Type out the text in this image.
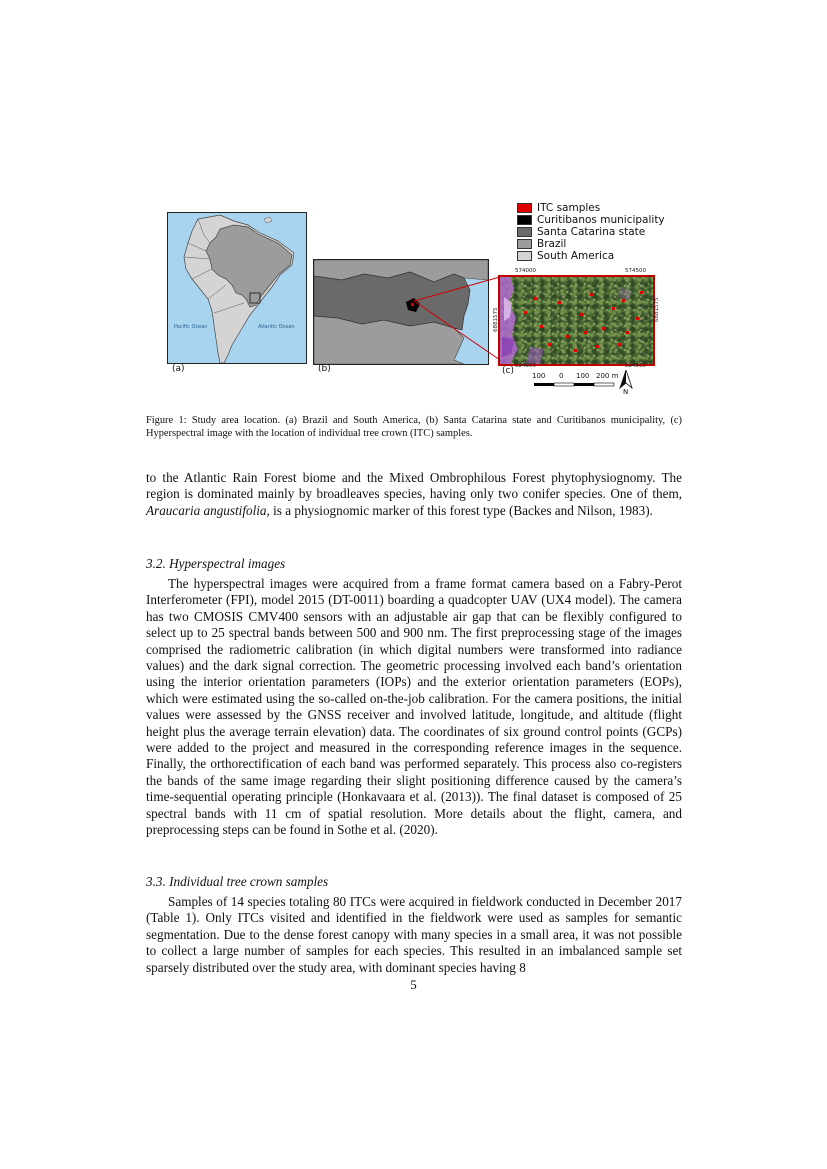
ITC samples
Curitibanos municipality
Santa Catarina state
Brazil
South America
Pacific Ocean	Atlantic Ocean
(a)	(b)
574000	574500
524000	524500
6881575	6881575
(c)	100 0 100 200 m
N
Figure 1: Study area location. (a) Brazil and South America, (b) Santa Catarina state and Curitibanos municipality, (c) Hyperspectral image with the location of individual tree crown (ITC) samples.

to the Atlantic Rain Forest biome and the Mixed Ombrophilous Forest phytophysiognomy. The region is dominated mainly by broadleaves species, having only two conifer species. One of them, Araucaria angustifolia, is a physiognomic marker of this forest type (Backes and Nilson, 1983).

3.2. Hyperspectral images

The hyperspectral images were acquired from a frame format camera based on a Fabry-Perot Interferometer (FPI), model 2015 (DT-0011) boarding a quadcopter UAV (UX4 model). The camera has two CMOSIS CMV400 sensors with an adjustable air gap that can be flexibly configured to select up to 25 spectral bands between 500 and 900 nm. The first preprocessing stage of the images comprised the radiometric calibration (in which digital numbers were transformed into radiance values) and the dark signal correction. The geometric processing involved each band’s orientation using the interior orientation parameters (IOPs) and the exterior orientation parameters (EOPs), which were estimated using the so-called on-the-job calibration. For the camera positions, the initial values were assessed by the GNSS receiver and involved latitude, longitude, and altitude (flight height plus the average terrain elevation) data. The coordinates of six ground control points (GCPs) were added to the project and measured in the corresponding reference images in the sequence. Finally, the orthorectification of each band was performed separately. This process also co-registers the bands of the same image regarding their slight positioning difference caused by the camera’s time-sequential operating principle (Honkavaara et al. (2013)). The final dataset is composed of 25 spectral bands with 11 cm of spatial resolution. More details about the flight, camera, and preprocessing steps can be found in Sothe et al. (2020).

3.3. Individual tree crown samples

Samples of 14 species totaling 80 ITCs were acquired in fieldwork conducted in December 2017 (Table 1). Only ITCs visited and identified in the fieldwork were used as samples for semantic segmentation. Due to the dense forest canopy with many species in a small area, it was not possible to collect a large number of samples for each species. This resulted in an imbalanced sample set sparsely distributed over the study area, with dominant species having 8

5
